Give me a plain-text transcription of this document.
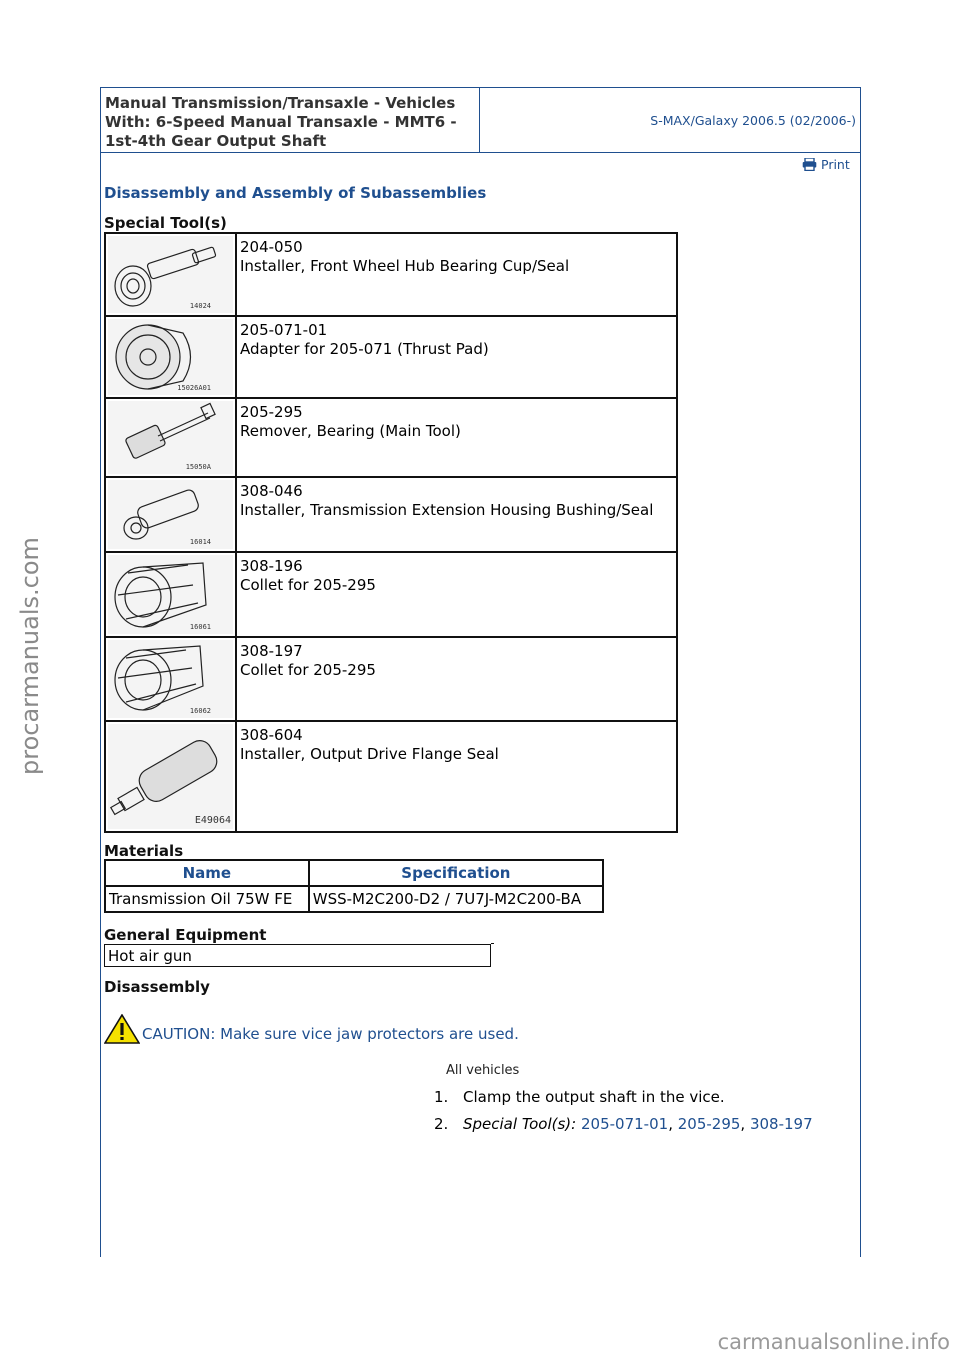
Manual Transmission/Transaxle - Vehicles
With: 6-Speed Manual Transaxle - MMT6 -
1st-4th Gear Output Shaft
S-MAX/Galaxy 2006.5 (02/2006-)
Print
Disassembly and Assembly of Subassemblies
Special Tool(s)
14024	204-050
Installer, Front Wheel Hub Bearing Cup/Seal

15026A01	205-071-01
Adapter for 205-071 (Thrust Pad)

15050A	205-295
Remover, Bearing (Main Tool)

16014	308-046
Installer, Transmission Extension Housing Bushing/Seal

16061	308-196
Collet for 205-295

16062	308-197
Collet for 205-295

E49064	308-604
Installer, Output Drive Flange Seal
Materials
Name	Specification
Transmission Oil 75W FE	WSS-M2C200-D2 / 7U7J-M2C200-BA
General Equipment
Hot air gun
Disassembly
CAUTION: Make sure vice jaw protectors are used.
All vehicles
1. Clamp the output shaft in the vice.
2. Special Tool(s):
205-071-01 , 205-295 , 308-197
procarmanuals.com
carmanualsonline.info
